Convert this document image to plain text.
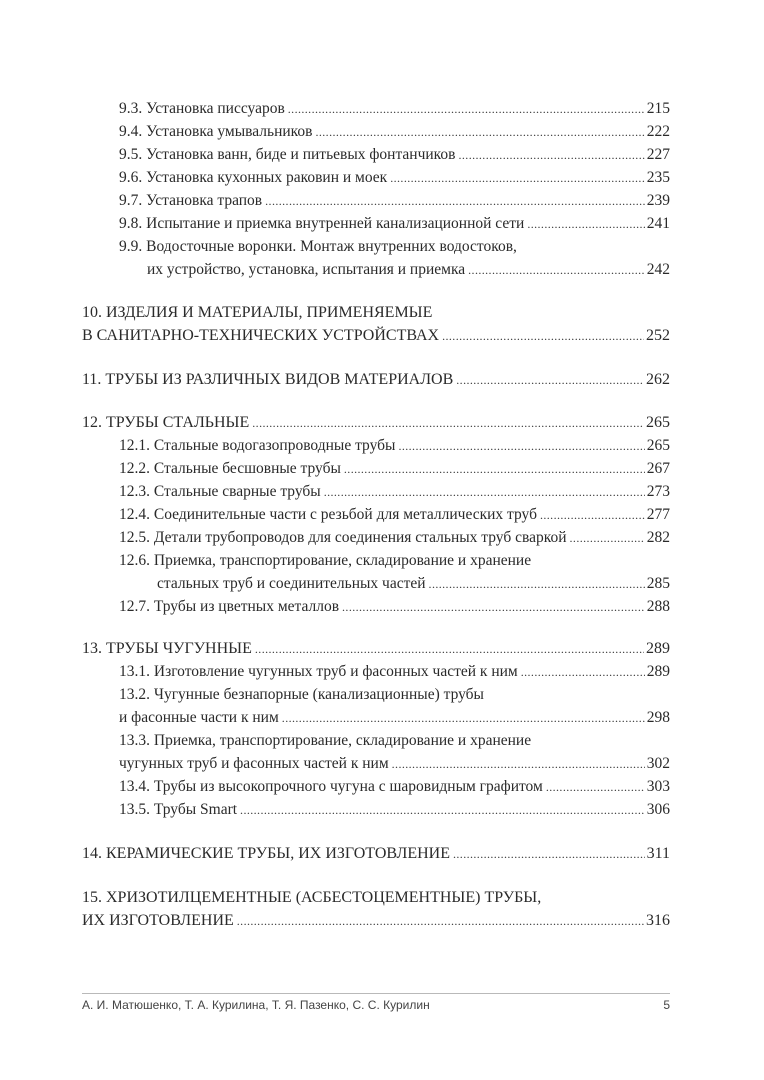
9.3. Установка писсуаров .....	215
9.4. Установка умывальников .....	222
9.5. Установка ванн, биде и питьевых фонтанчиков .....	227
9.6. Установка кухонных раковин и моек .....	235
9.7. Установка трапов .....	239
9.8. Испытание и приемка внутренней канализационной сети .....	241
9.9. Водосточные воронки. Монтаж внутренних водостоков,
их устройство, установка, испытания и приемка .....	242
10. ИЗДЕЛИЯ И МАТЕРИАЛЫ, ПРИМЕНЯЕМЫЕ
В САНИТАРНО-ТЕХНИЧЕСКИХ УСТРОЙСТВАХ .....	252
11. ТРУБЫ ИЗ РАЗЛИЧНЫХ ВИДОВ МАТЕРИАЛОВ .....	262
12. ТРУБЫ СТАЛЬНЫЕ .....	265
12.1. Стальные водогазопроводные трубы .....	265
12.2. Стальные бесшовные трубы .....	267
12.3. Стальные сварные трубы .....	273
12.4. Соединительные части с резьбой для металлических труб .....	277
12.5. Детали трубопроводов для соединения стальных труб сваркой .....	282
12.6. Приемка, транспортирование, складирование и хранение
стальных труб и соединительных частей .....	285
12.7. Трубы из цветных металлов .....	288
13. ТРУБЫ ЧУГУННЫЕ .....	289
13.1. Изготовление чугунных труб и фасонных частей к ним .....	289
13.2. Чугунные безнапорные (канализационные) трубы
и фасонные части к ним .....	298
13.3. Приемка, транспортирование, складирование и хранение
чугунных труб и фасонных частей к ним .....	302
13.4. Трубы из высокопрочного чугуна с шаровидным графитом .....	303
13.5. Трубы Smart .....	306
14. КЕРАМИЧЕСКИЕ ТРУБЫ, ИХ ИЗГОТОВЛЕНИЕ .....	311
15. ХРИЗОТИЛЦЕМЕНТНЫЕ (АСБЕСТОЦЕМЕНТНЫЕ) ТРУБЫ,
ИХ ИЗГОТОВЛЕНИЕ .....	316
А. И. Матюшенко, Т. А. Курилина, Т. Я. Пазенко, С. С. Курилин	5
